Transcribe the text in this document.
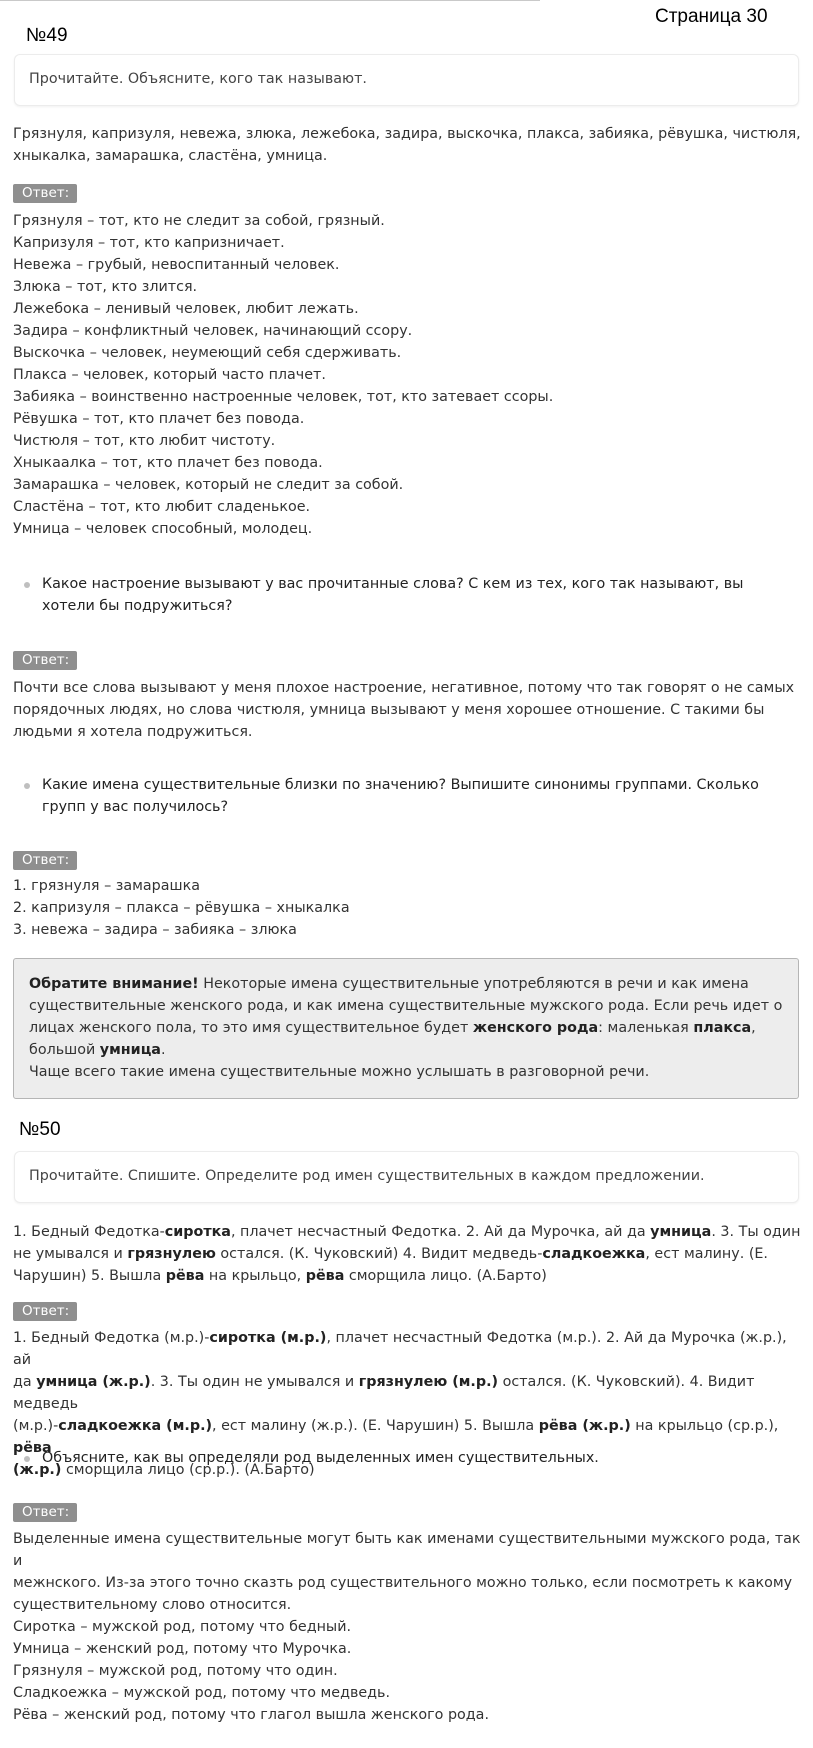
Страница 30
№49
Прочитайте. Объясните, кого так называют.

Грязнуля, капризуля, невежа, злюка, лежебока, задира, выскочка, плакса, забияка, рёвушка, чистюля,

хныкалка, замарашка, сластёна, умница.

Ответ:

Грязнуля – тот, кто не следит за собой, грязный.

Капризуля – тот, кто капризничает.

Невежа – грубый, невоспитанный человек.

Злюка – тот, кто злится.

Лежебока – ленивый человек, любит лежать.

Задира – конфликтный человек, начинающий ссору.

Выскочка – человек, неумеющий себя сдерживать.

Плакса – человек, который часто плачет.

Забияка – воинственно настроенные человек, тот, кто затевает ссоры.

Рёвушка – тот, кто плачет без повода.

Чистюля – тот, кто любит чистоту.

Хныкаалка – тот, кто плачет без повода.

Замарашка – человек, который не следит за собой.

Сластёна – тот, кто любит сладенькое.

Умница – человек способный, молодец.

Какое настроение вызывают у вас прочитанные слова? С кем из тех, кого так называют, вы
хотели бы подружиться?
Ответ:

Почти все слова вызывают у меня плохое настроение, негативное, потому что так говорят о не самых

порядочных людях, но слова чистюля, умница вызывают у меня хорошее отношение. С такими бы

людьми я хотела подружиться.

Какие имена существительные близки по значению? Выпишите синонимы группами. Сколько
групп у вас получилось?
Ответ:

1. грязнуля – замарашка

2. капризуля – плакса – рёвушка – хныкалка

3. невежа – задира – забияка – злюка

Обратите внимание! Некоторые имена существительные употребляются в речи и как имена
существительные женского рода, и как имена существительные мужского рода. Если речь идет о
лицах женского пола, то это имя существительное будет женского рода: маленькая плакса,
большой умница.
Чаще всего такие имена существительные можно услышать в разговорной речи.
№50
Прочитайте. Спишите. Определите род имен существительных в каждом предложении.

1. Бедный Федотка-сиротка, плачет несчастный Федотка. 2. Ай да Мурочка, ай да умница. 3. Ты один

не умывался и грязнулею остался. (К. Чуковский) 4. Видит медведь-сладкоежка, ест малину. (Е.

Чарушин) 5. Вышла рёва на крыльцо, рёва сморщила лицо. (А.Барто)

Ответ:

1. Бедный Федотка (м.р.)-сиротка (м.р.), плачет несчастный Федотка (м.р.). 2. Ай да Мурочка (ж.р.), ай

да умница (ж.р.). 3. Ты один не умывался и грязнулею (м.р.) остался. (К. Чуковский). 4. Видит медведь

(м.р.)-сладкоежка (м.р.), ест малину (ж.р.). (Е. Чарушин) 5. Вышла рёва (ж.р.) на крыльцо (ср.р.), рёва

(ж.р.) сморщила лицо (ср.р.). (А.Барто)

Объясните, как вы определяли род выделенных имен существительных.
Ответ:

Выделенные имена существительные могут быть как именами существительными мужского рода, так и

межнского. Из-за этого точно сказть род существительного можно только, если посмотреть к какому

существительному слово относится.

Сиротка – мужской род, потому что бедный.

Умница – женский род, потому что Мурочка.

Грязнуля – мужской род, потому что один.

Сладкоежка – мужской род, потому что медведь.

Рёва – женский род, потому что глагол вышла женского рода.
